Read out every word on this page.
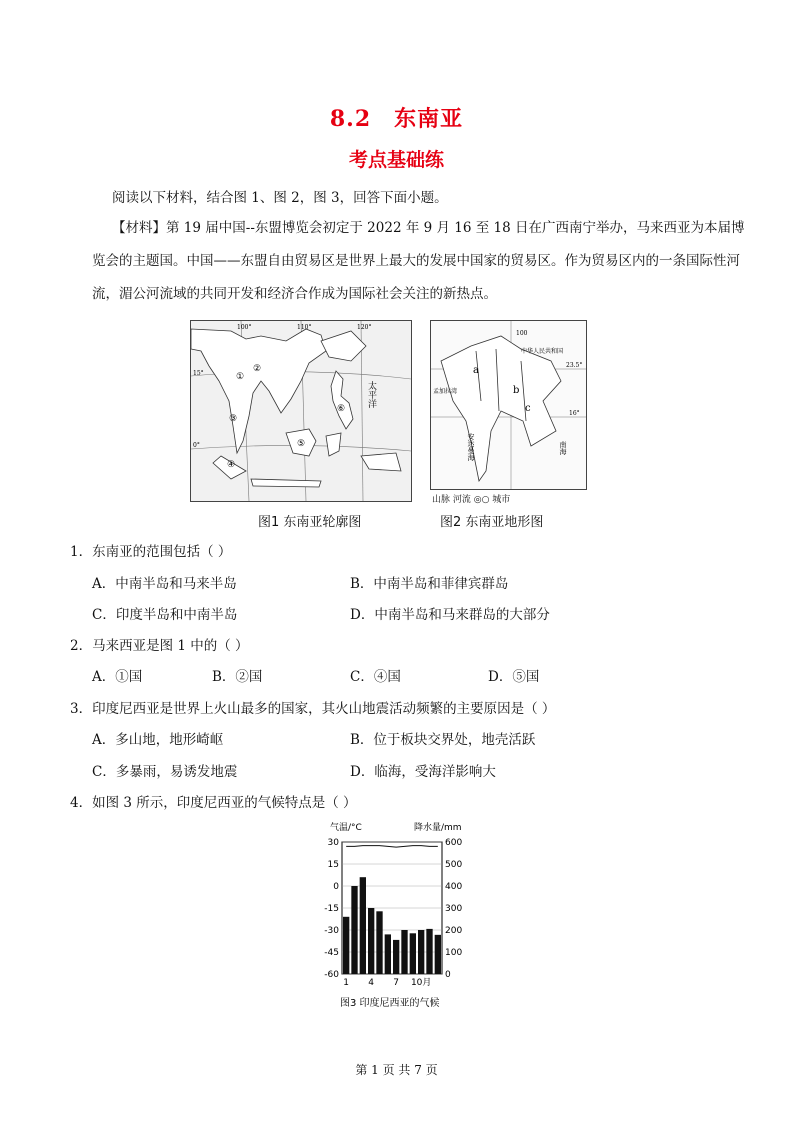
8.2　东南亚
考点基础练
阅读以下材料，结合图 1、图 2，图 3，回答下面小题。
【材料】第 19 届中国--东盟博览会初定于 2022 年 9 月 16 至 18 日在广西南宁举办，马来西亚为本届博览会的主题国。中国——东盟自由贸易区是世界上最大的发展中国家的贸易区。作为贸易区内的一条国际性河流，湄公河流域的共同开发和经济合作成为国际社会关注的新热点。
100°	110°	120°
15°
0°
①
②
③
④
⑤
⑥
太平洋
图1 东南亚轮廓图
100
中华人民共和国
23.5°
16°
a
b
c
孟加拉湾
安达曼海	南海
山脉 河流 ◎○ 城市
图2 东南亚地形图
1．东南亚的范围包括（ ）
A．中南半岛和马来半岛	B．中南半岛和菲律宾群岛
C．印度半岛和中南半岛	D．中南半岛和马来群岛的大部分
2．马来西亚是图 1 中的（ ）
A．①国	B．②国	C．④国	D．⑤国
3．印度尼西亚是世界上火山最多的国家，其火山地震活动频繁的主要原因是（ ）
A．多山地，地形崎岖	B．位于板块交界处，地壳活跃
C．多暴雨，易诱发地震	D．临海，受海洋影响大
4．如图 3 所示，印度尼西亚的气候特点是（ ）
气温/°C	降水量/mm
图3 印度尼西亚的气候
30	600
15	500
0	400
-15	300
-30	200
-45	100
-60	0
1 4 7 10月
第 1 页 共 7 页
